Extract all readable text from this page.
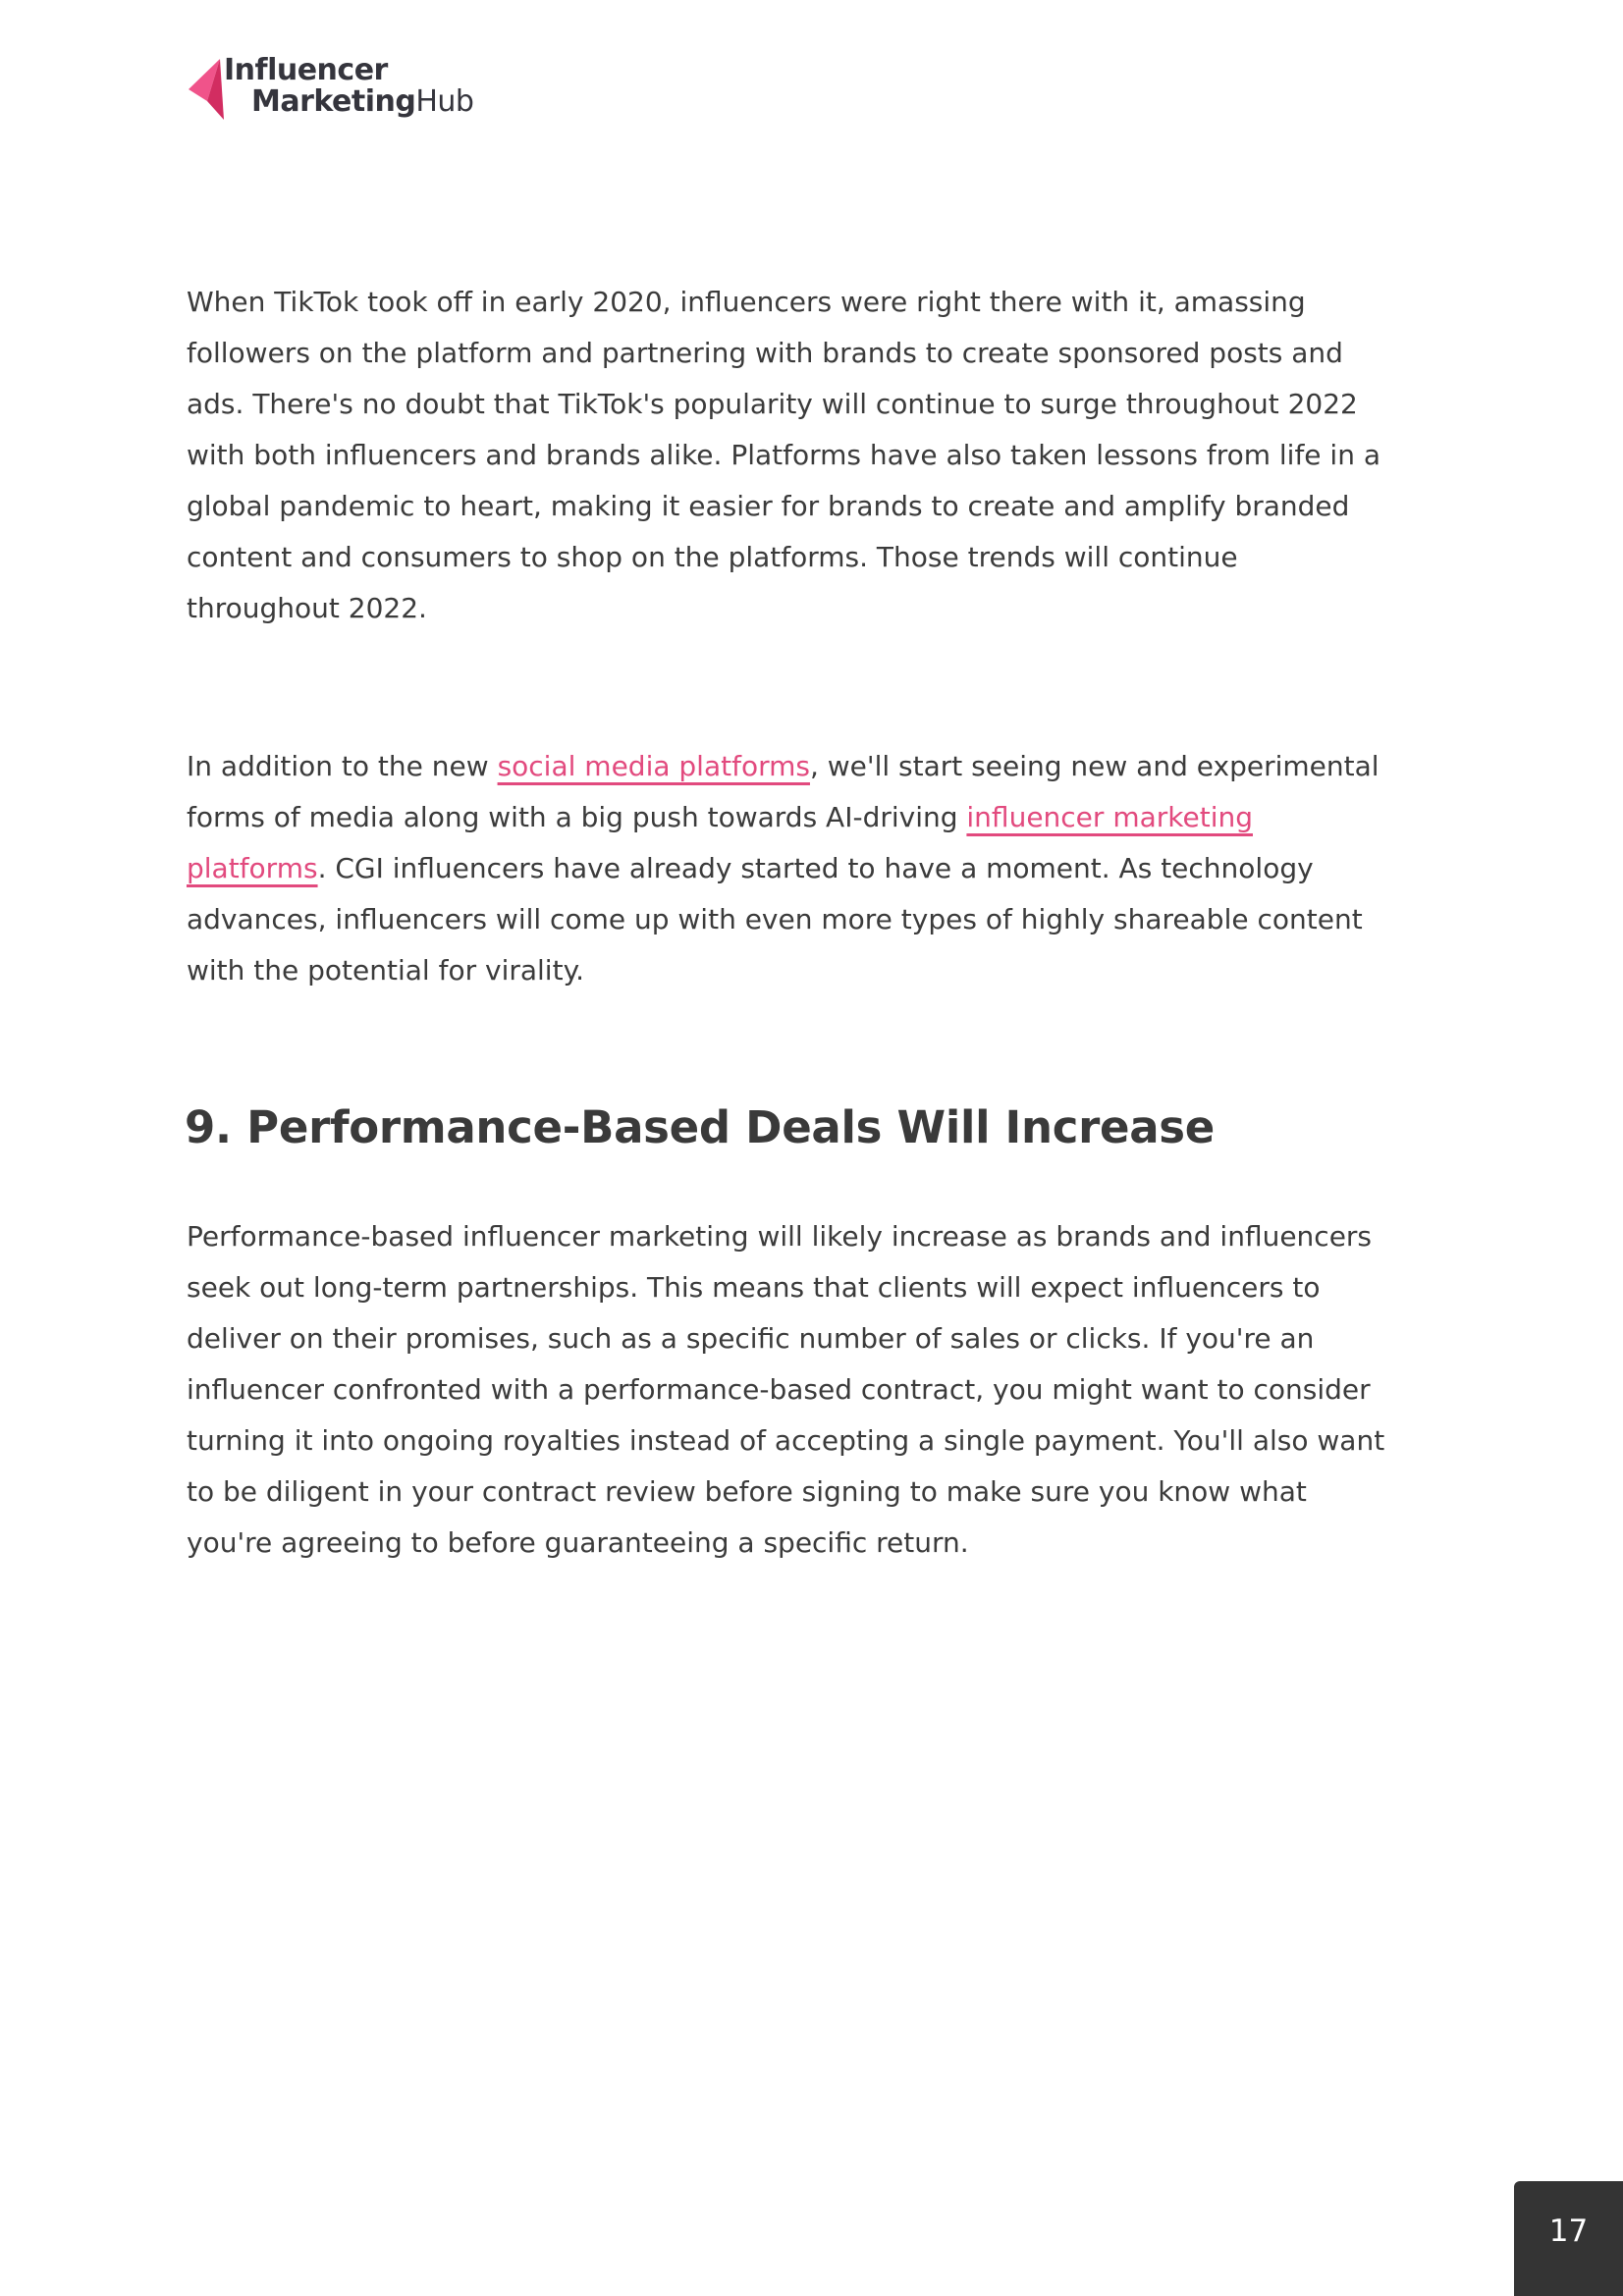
Influencer
MarketingHub

When TikTok took off in early 2020, influencers were right there with it, amassing followers on the platform and partnering with brands to create sponsored posts and ads. There's no doubt that TikTok's popularity will continue to surge throughout 2022 with both influencers and brands alike. Platforms have also taken lessons from life in a global pandemic to heart, making it easier for brands to create and amplify branded content and consumers to shop on the platforms. Those trends will continue throughout 2022.

In addition to the new social media platforms, we'll start seeing new and experimental forms of media along with a big push towards AI-driving influencer marketing platforms. CGI influencers have already started to have a moment. As technology advances, influencers will come up with even more types of highly shareable content with the potential for virality.

9. Performance-Based Deals Will Increase

Performance-based influencer marketing will likely increase as brands and influencers seek out long-term partnerships. This means that clients will expect influencers to deliver on their promises, such as a specific number of sales or clicks. If you're an influencer confronted with a performance-based contract, you might want to consider turning it into ongoing royalties instead of accepting a single payment. You'll also want to be diligent in your contract review before signing to make sure you know what you're agreeing to before guaranteeing a specific return.

17
